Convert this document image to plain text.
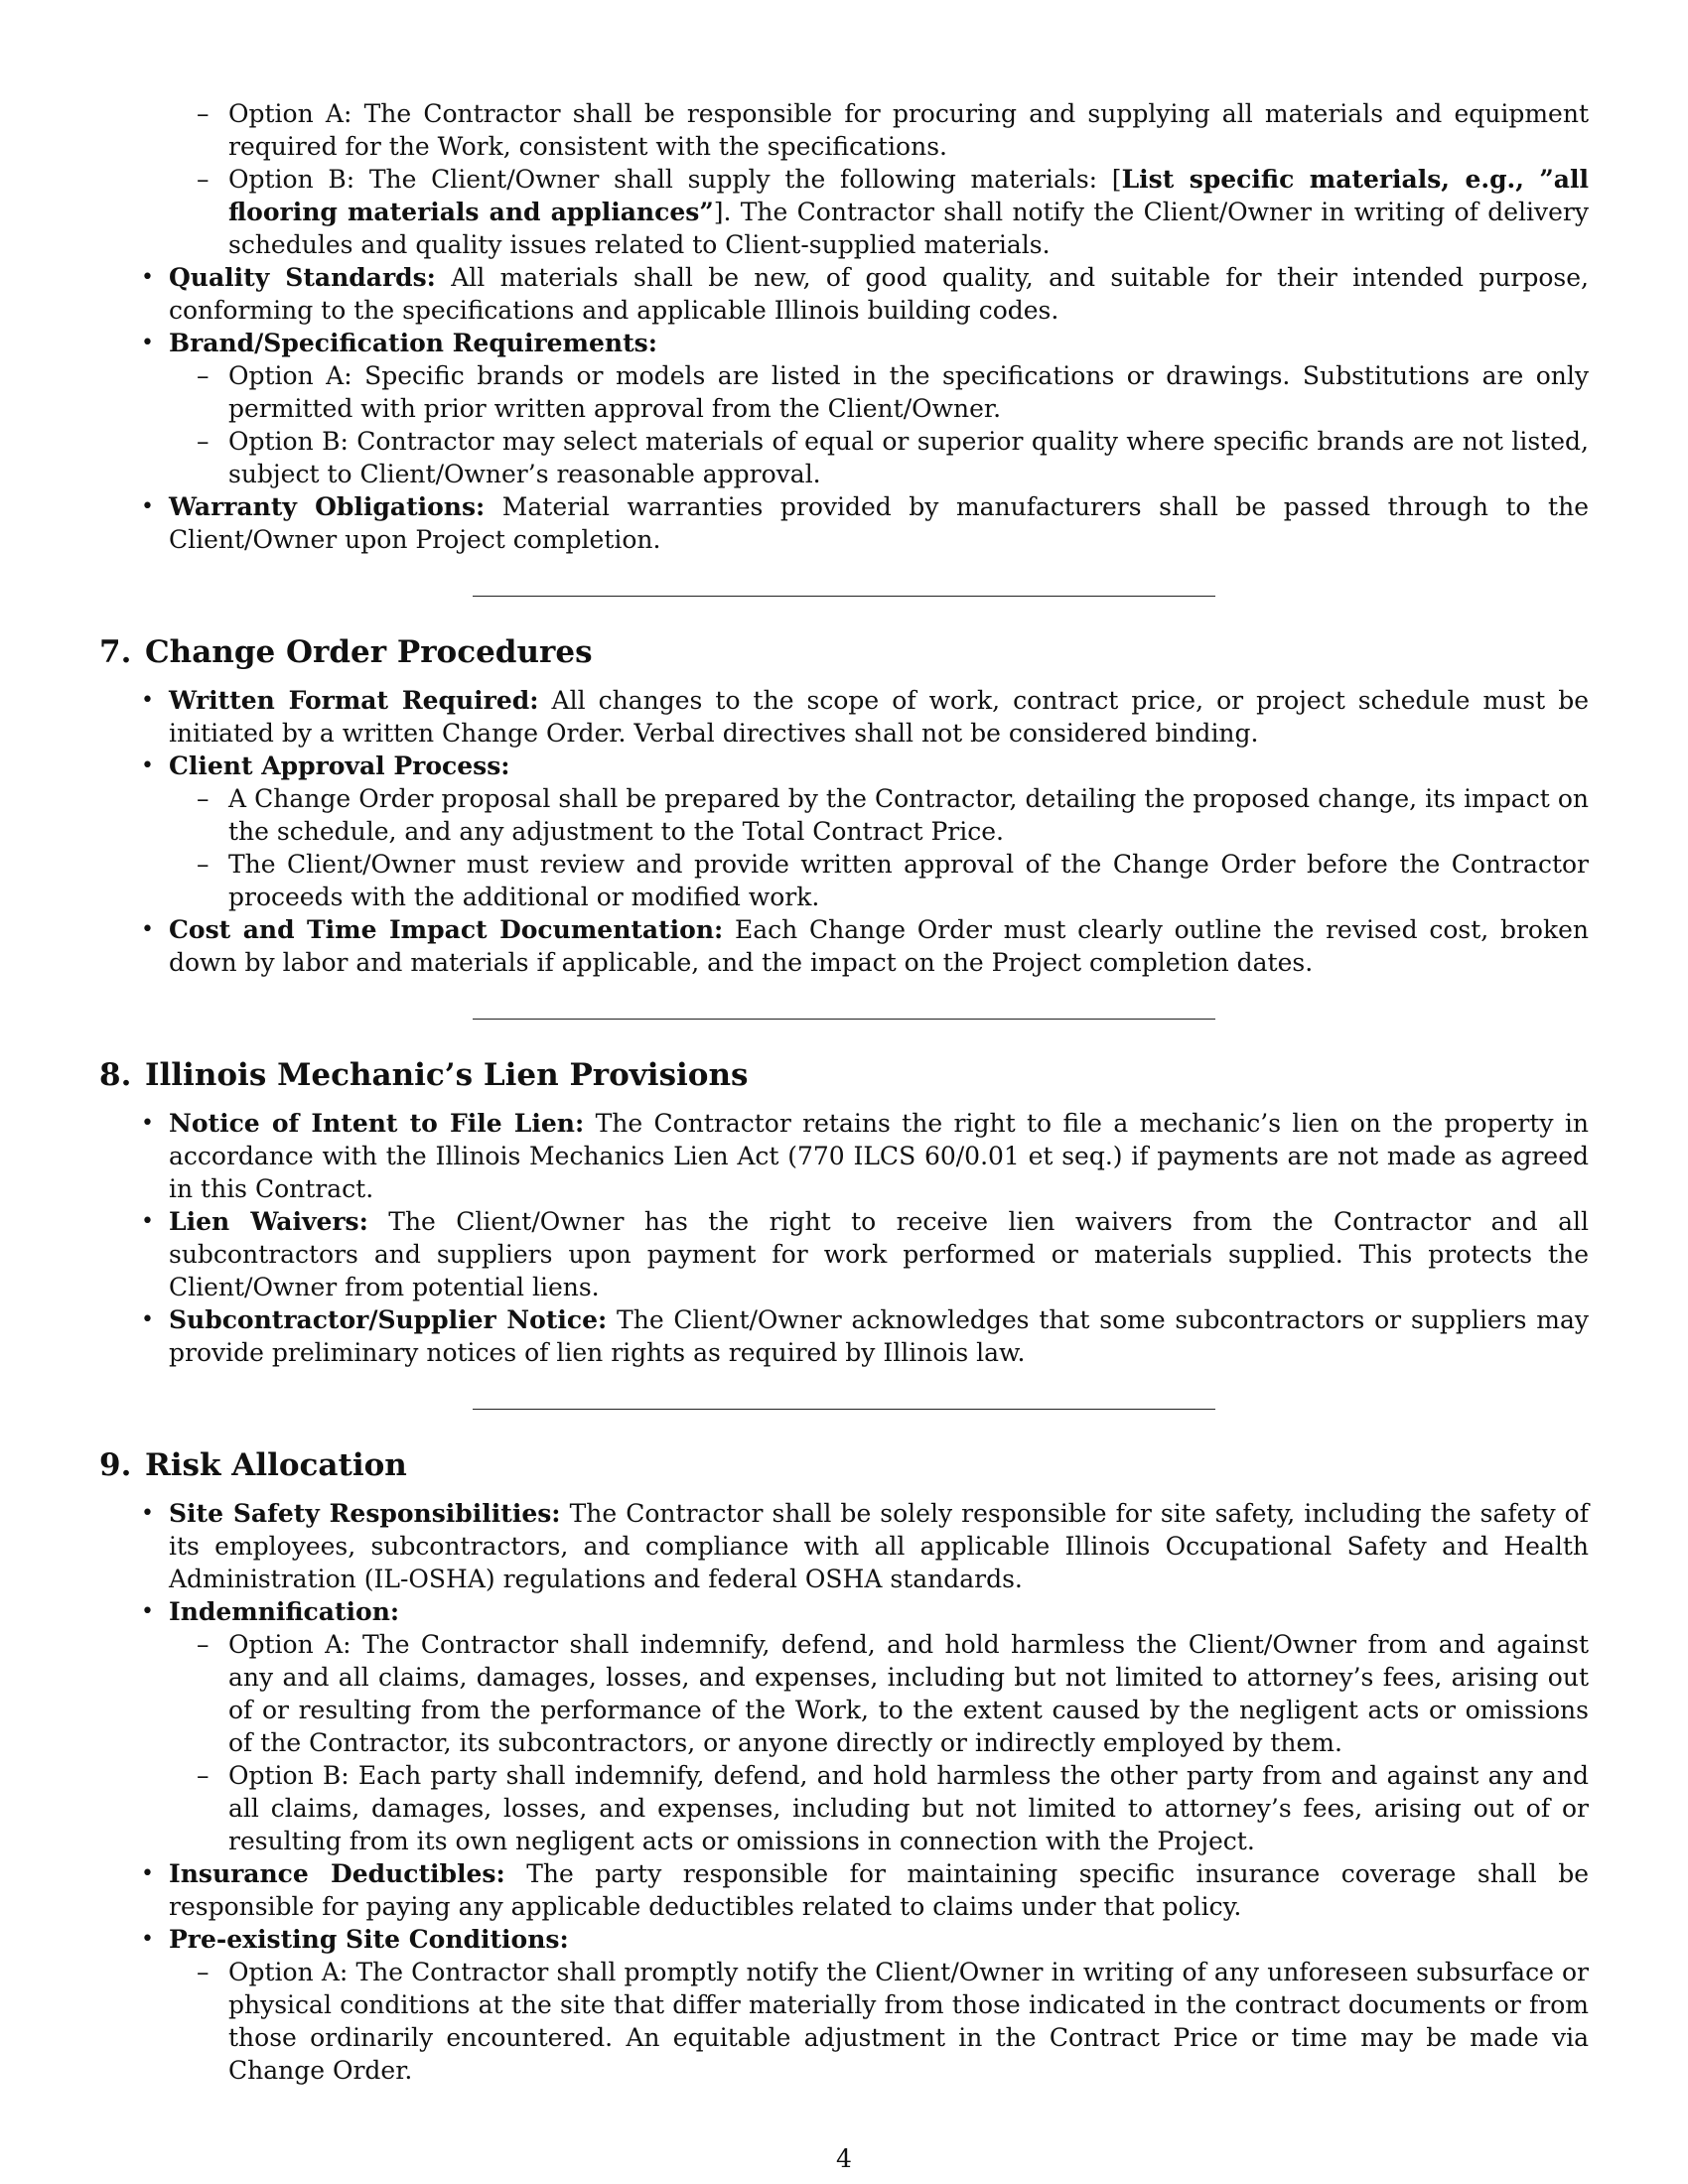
– Option A: The Contractor shall be responsible for procuring and supplying all materials and equipment required for the Work, consistent with the specifications.
– Option B: The Client/Owner shall supply the following materials: [List specific materials, e.g., ”all flooring materials and appliances”]. The Contractor shall notify the Client/Owner in writing of delivery schedules and quality issues related to Client-supplied materials.
• Quality Standards: All materials shall be new, of good quality, and suitable for their intended purpose, conforming to the specifications and applicable Illinois building codes.
• Brand/Specification Requirements:
– Option A: Specific brands or models are listed in the specifications or drawings. Substitutions are only permitted with prior written approval from the Client/Owner.
– Option B: Contractor may select materials of equal or superior quality where specific brands are not listed, subject to Client/Owner’s reasonable approval.
• Warranty Obligations: Material warranties provided by manufacturers shall be passed through to the Client/Owner upon Project completion.
7. Change Order Procedures
• Written Format Required: All changes to the scope of work, contract price, or project schedule must be initiated by a written Change Order. Verbal directives shall not be considered binding.
• Client Approval Process:
– A Change Order proposal shall be prepared by the Contractor, detailing the proposed change, its impact on the schedule, and any adjustment to the Total Contract Price.
– The Client/Owner must review and provide written approval of the Change Order before the Contractor proceeds with the additional or modified work.
• Cost and Time Impact Documentation: Each Change Order must clearly outline the revised cost, broken down by labor and materials if applicable, and the impact on the Project completion dates.
8. Illinois Mechanic’s Lien Provisions
• Notice of Intent to File Lien: The Contractor retains the right to file a mechanic’s lien on the property in accordance with the Illinois Mechanics Lien Act (770 ILCS 60/0.01 et seq.) if payments are not made as agreed in this Contract.
• Lien Waivers: The Client/Owner has the right to receive lien waivers from the Contractor and all subcontractors and suppliers upon payment for work performed or materials supplied. This protects the Client/Owner from potential liens.
• Subcontractor/Supplier Notice: The Client/Owner acknowledges that some subcontractors or suppliers may provide preliminary notices of lien rights as required by Illinois law.
9. Risk Allocation
• Site Safety Responsibilities: The Contractor shall be solely responsible for site safety, including the safety of its employees, subcontractors, and compliance with all applicable Illinois Occupational Safety and Health Administration (IL-OSHA) regulations and federal OSHA standards.
• Indemnification:
– Option A: The Contractor shall indemnify, defend, and hold harmless the Client/Owner from and against any and all claims, damages, losses, and expenses, including but not limited to attorney’s fees, arising out of or resulting from the performance of the Work, to the extent caused by the negligent acts or omissions of the Contractor, its subcontractors, or anyone directly or indirectly employed by them.
– Option B: Each party shall indemnify, defend, and hold harmless the other party from and against any and all claims, damages, losses, and expenses, including but not limited to attorney’s fees, arising out of or resulting from its own negligent acts or omissions in connection with the Project.
• Insurance Deductibles: The party responsible for maintaining specific insurance coverage shall be responsible for paying any applicable deductibles related to claims under that policy.
• Pre-existing Site Conditions:
– Option A: The Contractor shall promptly notify the Client/Owner in writing of any unforeseen subsurface or physical conditions at the site that differ materially from those indicated in the contract documents or from those ordinarily encountered. An equitable adjustment in the Contract Price or time may be made via Change Order.
4
